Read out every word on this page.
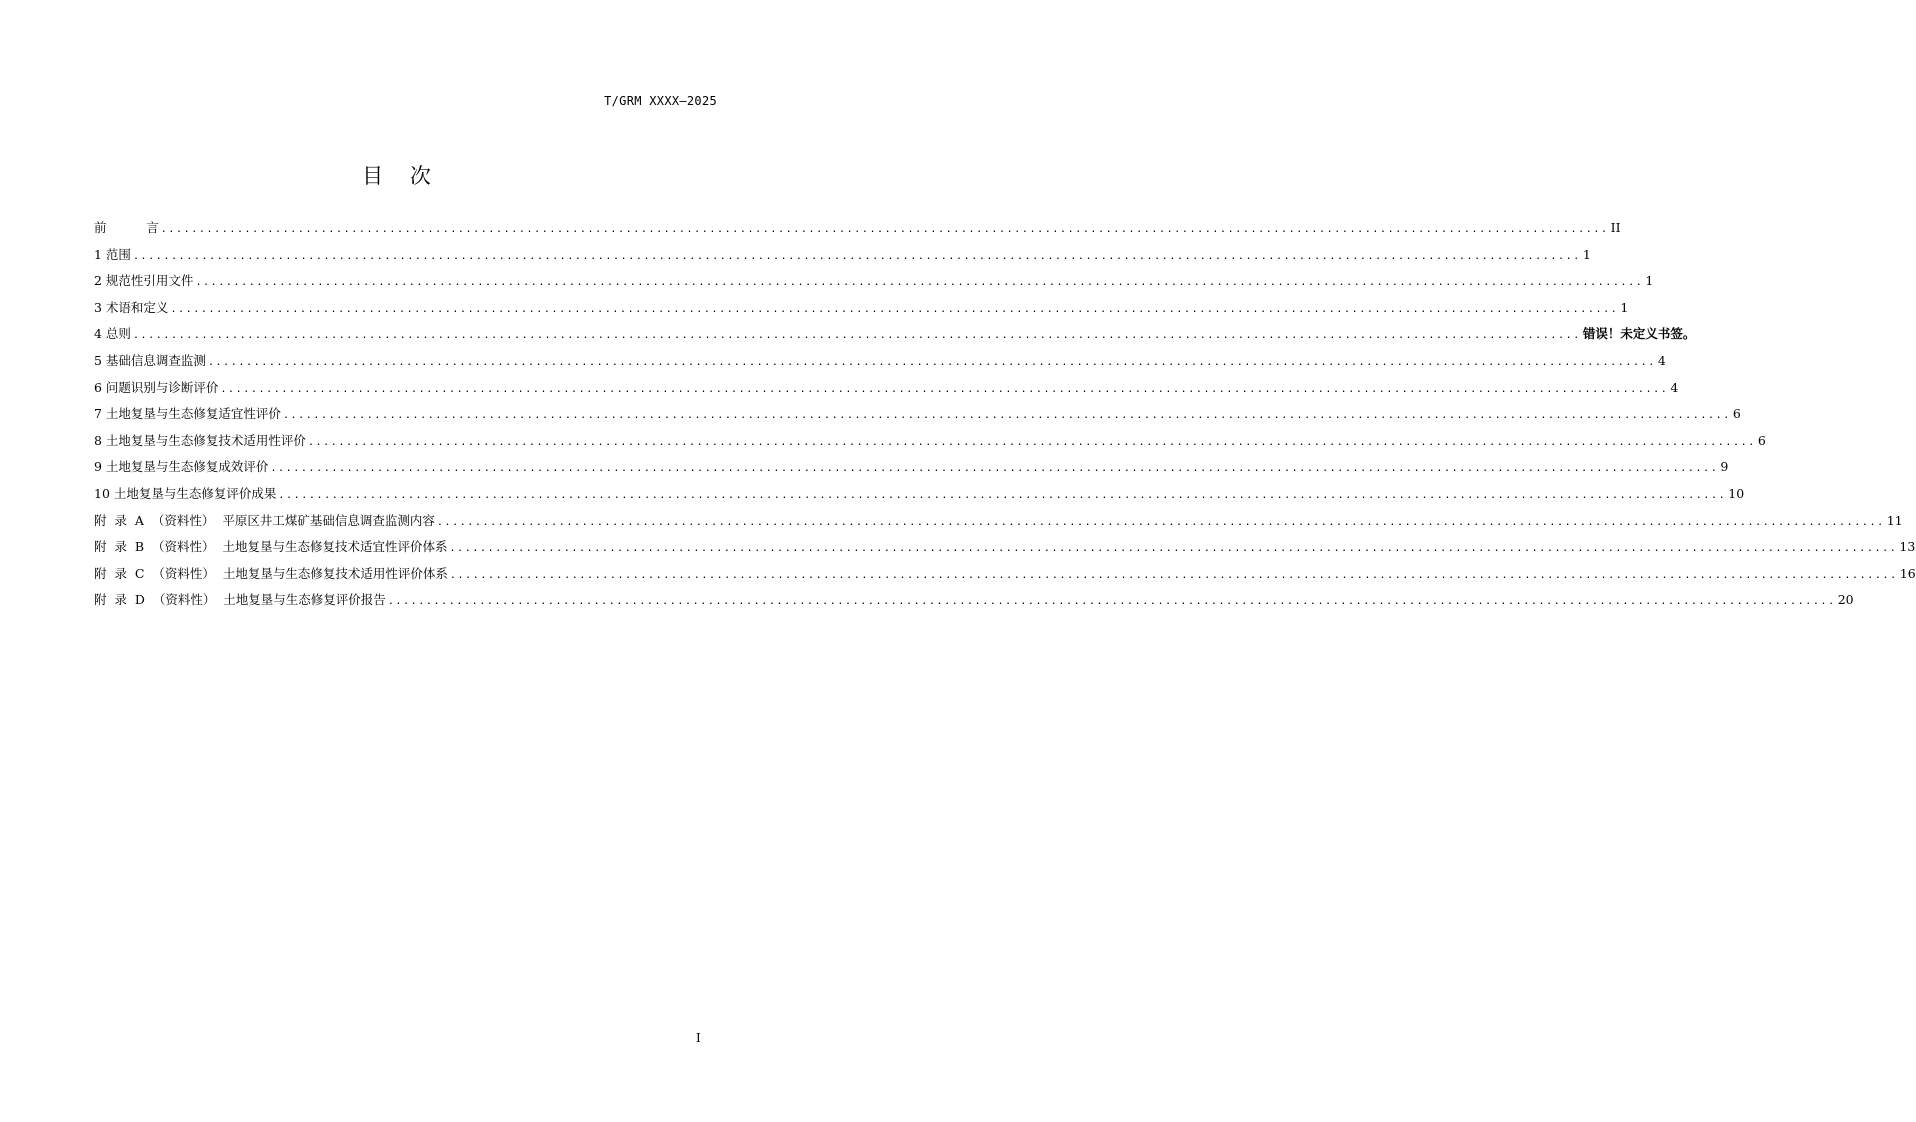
T/GRM XXXX—2025
目    次
前          言 .............................................................................................................................................................................................. II
1 范围 .............................................................................................................................................................................................. 1
2 规范性引用文件 .............................................................................................................................................................................................. 1
3 术语和定义 .............................................................................................................................................................................................. 1
4 总则 .............................................................................................................................................................................................. 错误！未定义书签。
5 基础信息调查监测 .............................................................................................................................................................................................. 4
6 问题识别与诊断评价 .............................................................................................................................................................................................. 4
7 土地复垦与生态修复适宜性评价 .............................................................................................................................................................................................. 6
8 土地复垦与生态修复技术适用性评价 .............................................................................................................................................................................................. 6
9 土地复垦与生态修复成效评价 .............................................................................................................................................................................................. 9
10 土地复垦与生态修复评价成果 .............................................................................................................................................................................................. 10
附  录  A  （资料性）  平原区井工煤矿基础信息调查监测内容 .............................................................................................................................................................................................. 11
附  录  B  （资料性）  土地复垦与生态修复技术适宜性评价体系 .............................................................................................................................................................................................. 13
附  录  C  （资料性）  土地复垦与生态修复技术适用性评价体系 .............................................................................................................................................................................................. 16
附  录  D  （资料性）  土地复垦与生态修复评价报告 .............................................................................................................................................................................................. 20
I
